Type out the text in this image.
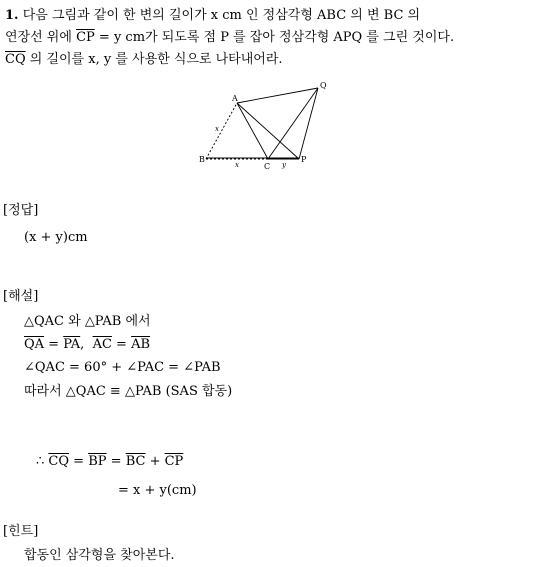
1. 다음 그림과 같이 한 변의 길이가 x cm 인 정삼각형 ABC 의 변 BC 의
연장선 위에 $\overline{CP} = y$ cm가 되도록 점 P 를 잡아 정삼각형 APQ 를 그린 것이다.
$\overline{CQ}$ 의 길이를 x, y 를 사용한 식으로 나타내어라.
A
Q
B
C
P
x
x	y
[정답]
(x + y)cm
[해설]
△QAC 와 △PAB 에서
$\overline{QA} = \overline{PA}$,  $\overline{AC} = \overline{AB}$
∠QAC = 60° + ∠PAC = ∠PAB
따라서 △QAC ≡ △PAB (SAS 합동)
∴ $\overline{CQ} = \overline{BP} = \overline{BC} + \overline{CP}$
= x + y(cm)
[힌트]
합동인 삼각형을 찾아본다.
